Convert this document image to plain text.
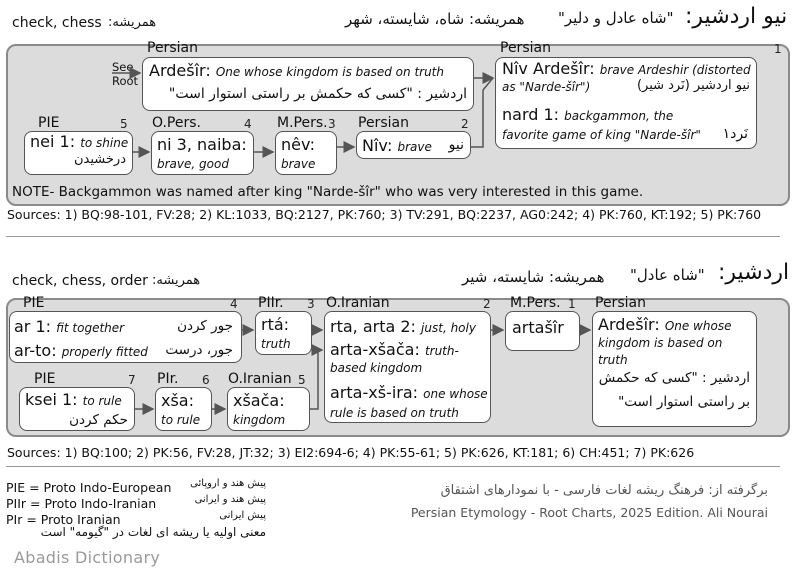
check, chess همریشه:	همریشه: شاه، شایسته، شهر "شاه عادل و دلیر" نیو اردشیر:
Persian	Persian	1
See Root
Ardešîr: One whose kingdom is based on truth
اردشیر : "کسی که حکمش بر راستی استوار است"
Nîv Ardešîr: brave Ardeshir (distorted as "Narde-šîr")	نیو اردشیر (نَرد شیر)
nard 1: backgammon, the favorite game of king "Narde-šîr"	نَرد۱
PIE	5 O.Pers.	4 M.Pers. 3 Persian	2
nei 1: to shine
درخشیدن
ni 3, naiba:
brave, good
nêv:
brave
Nîv: brave نیو
NOTE- Backgammon was named after king "Narde-šîr" who was very interested in this game.
Sources: 1) BQ:98-101, FV:28; 2) KL:1033, BQ:2127, PK:760; 3) TV:291, BQ:2237, AG0:242; 4) PK:760, KT:192; 5) PK:760
check, chess, order همریشه:	همریشه: شایسته، شیر "شاه عادل" اردشیر:
PIE	4 PIIr. 3 O.Iranian	2 M.Pers. 1 Persian
ar 1: fit together	جور کردن
ar-to: properly fitted جور، درست
rtá:
truth
rta, arta 2: just, holy
arta-xšača: truth-based kingdom
arta-xš-ira: one whose rule is based on truth
artašîr Ardešîr: One whose kingdom is based on truth
اردشیر : "کسی که حکمش
بر راستی استوار است"
PIE	7 PIr. 6 O.Iranian 5
ksei 1: to rule
حکم کردن
xša:
to rule
xšača:
kingdom
Sources: 1) BQ:100; 2) PK:56, FV:28, JT:32; 3) EI2:694-6; 4) PK:55-61; 5) PK:626, KT:181; 6) CH:451; 7) PK:626
PIE = Proto Indo-European پیش هند و اروپائی
PIIr = Proto Indo-Iranian	پیش هند و ایرانی
PIr = Proto Iranian	پیش ایرانی
معنی اولیه یا ریشه ای لغات در "گیومه" است
Abadis Dictionary
برگرفته از: فرهنگ ریشه لغات فارسی - با نمودارهای اشتقاق
Persian Etymology - Root Charts, 2025 Edition. Ali Nourai
